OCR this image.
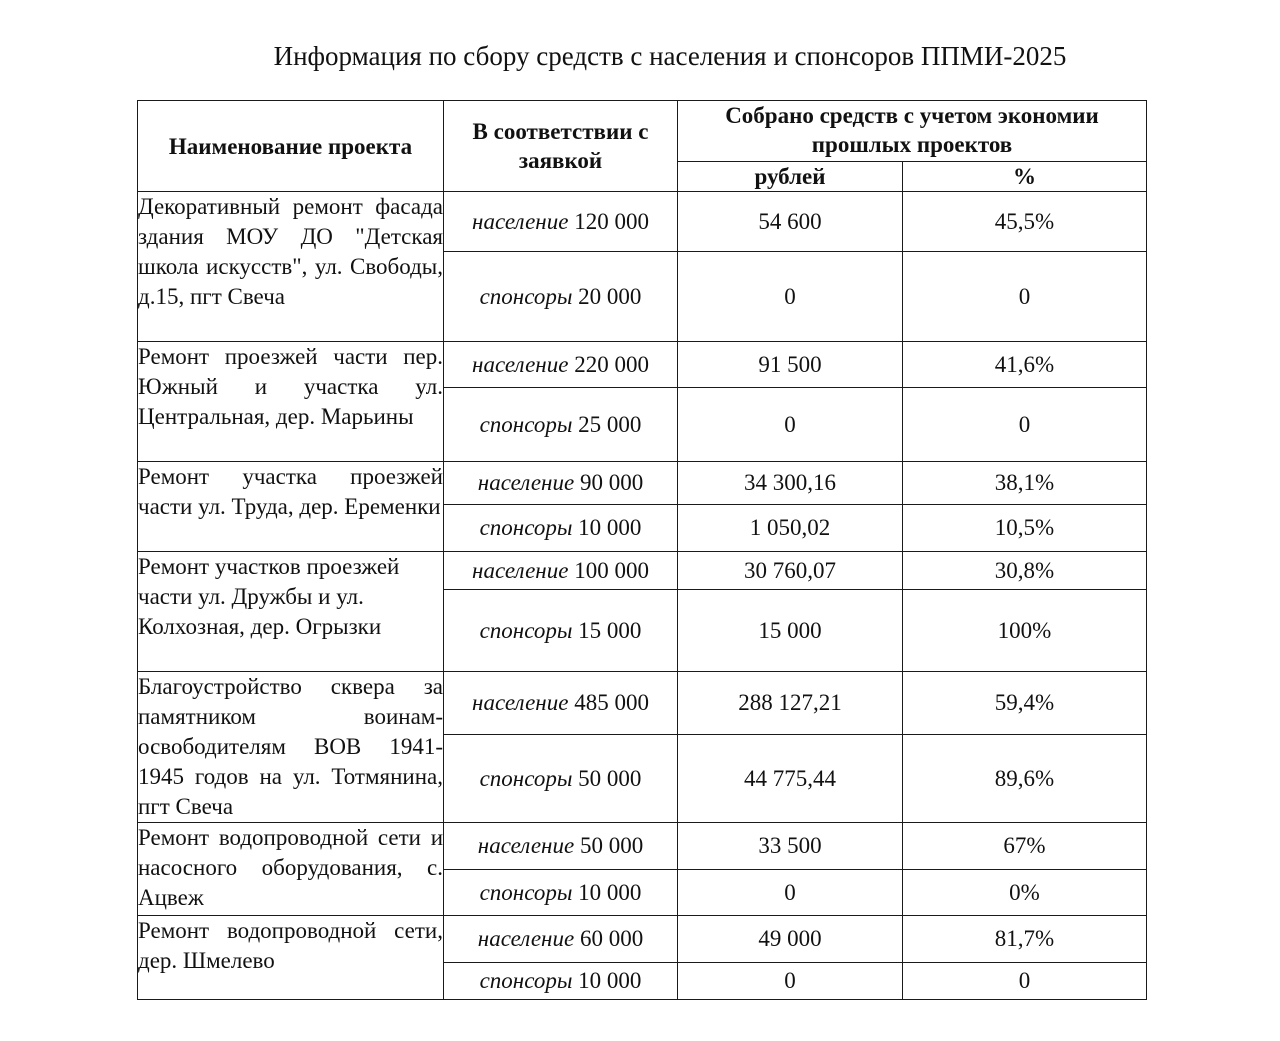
Информация по сбору средств с населения и спонсоров ППМИ-2025
Наименование проекта	В соответствии с заявкой	Собрано средств с учетом экономии прошлых проектов	
		рублей	%
Декоративный ремонт фасада здания МОУ ДО "Детская школа искусств", ул. Свободы, д.15, пгт Свеча	население 120 000	54 600	45,5%
	спонсоры 20 000	0	0
Ремонт проезжей части пер. Южный и участка ул. Центральная, дер. Марьины	население 220 000	91 500	41,6%
	спонсоры 25 000	0	0
Ремонт участка проезжей части ул. Труда, дер. Еременки	население 90 000	34 300,16	38,1%
	спонсоры 10 000	1 050,02	10,5%
Ремонт участков проезжей части ул. Дружбы и ул. Колхозная, дер. Огрызки	население 100 000	30 760,07	30,8%
	спонсоры 15 000	15 000	100%
Благоустройство сквера за памятником воинам-освободителям ВОВ 1941-1945 годов на ул. Тотмянина, пгт Свеча	население 485 000	288 127,21	59,4%
	спонсоры 50 000	44 775,44	89,6%
Ремонт водопроводной сети и насосного оборудования, с. Ацвеж	население 50 000	33 500	67%
	спонсоры 10 000	0	0%
Ремонт водопроводной сети, дер. Шмелево	население 60 000	49 000	81,7%
	спонсоры 10 000	0	0
